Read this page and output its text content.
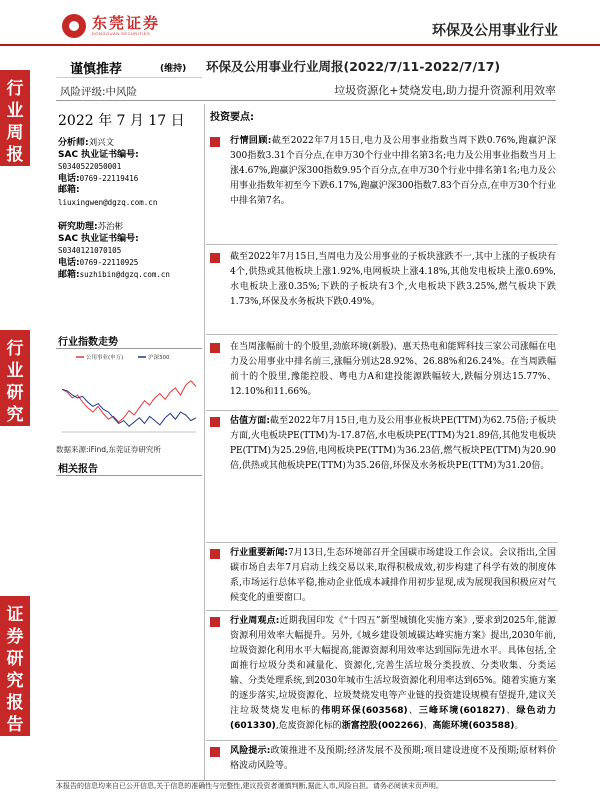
东莞证券
DONGGUAN SECURITIES	环保及公用事业行业
行
业
周
报
行
业
研
究
证
券
研
究
报
告
谨慎推荐	(维持) 环保及公用事业行业周报(2022/7/11-2022/7/17)
风险评级:中风险	垃圾资源化+焚烧发电,助力提升资源利用效率
2022 年 7 月 17 日
分析师:刘兴文
SAC 执业证书编号:
S0340522050001
电话:0769-22119416
邮箱:
liuxingwen@dgzq.com.cn
研究助理:苏治彬
SAC 执业证书编号:
S0340121070105
电话:0769-22110925
邮箱:suzhibin@dgzq.com.cn
行业指数走势
公用事业(申万)	沪深300
数据来源:iFind,东莞证券研究所
相关报告
投资要点:
行情回顾:截至2022年7月15日,电力及公用事业指数当周下跌0.76%,跑赢沪深300指数3.31个百分点,在申万30个行业中排名第3名;电力及公用事业指数当月上涨4.67%,跑赢沪深300指数9.95个百分点,在申万30个行业中排名第1名;电力及公用事业指数年初至今下跌6.17%,跑赢沪深300指数7.83个百分点,在申万30个行业中排名第7名。
截至2022年7月15日,当周电力及公用事业的子板块涨跌不一,其中上涨的子板块有4个,供热或其他板块上涨1.92%,电网板块上涨4.18%,其他发电板块上涨0.69%,水电板块上涨0.35%;下跌的子板块有3个,火电板块下跌3.25%,燃气板块下跌1.73%,环保及水务板块下跌0.49%。
在当周涨幅前十的个股里,劲旅环境(新股)、惠天热电和能辉科技三家公司涨幅在电力及公用事业中排名前三,涨幅分别达28.92%、26.88%和26.24%。在当周跌幅前十的个股里,豫能控股、粤电力A和建投能源跌幅较大,跌幅分别达15.77%、12.10%和11.66%。
估值方面:截至2022年7月15日,电力及公用事业板块PE(TTM)为62.75倍;子板块方面,火电板块PE(TTM)为-17.87倍,水电板块PE(TTM)为21.89倍,其他发电板块PE(TTM)为25.29倍,电网板块PE(TTM)为36.23倍,燃气板块PE(TTM)为20.90倍,供热或其他板块PE(TTM)为35.26倍,环保及水务板块PE(TTM)为31.20倍。
行业重要新闻:7月13日,生态环境部召开全国碳市场建设工作会议。会议指出,全国碳市场自去年7月启动上线交易以来,取得积极成效,初步构建了科学有效的制度体系,市场运行总体平稳,推动企业低成本减排作用初步显现,成为展现我国积极应对气候变化的重要窗口。
行业周观点:近期我国印发《“十四五”新型城镇化实施方案》,要求到2025年,能源资源利用效率大幅提升。另外,《城乡建设领域碳达峰实施方案》提出,2030年前,垃圾资源化利用水平大幅提高,能源资源利用效率达到国际先进水平。具体包括,全面推行垃圾分类和减量化、资源化,完善生活垃圾分类投放、分类收集、分类运输、分类处理系统,到2030年城市生活垃圾资源化利用率达到65%。随着实施方案的逐步落实,垃圾资源化、垃圾焚烧发电等产业链的投资建设规模有望提升,建议关注垃圾焚烧发电标的伟明环保(603568)、三峰环境(601827)、绿色动力(601330),危废资源化标的浙富控股(002266)、高能环境(603588)。
风险提示:政策推进不及预期;经济发展不及预期;项目建设进度不及预期;原材料价格波动风险等。
本报告的信息均来自已公开信息,关于信息的准确性与完整性,建议投资者谨慎判断,据此入市,风险自担。请务必阅读末页声明。
